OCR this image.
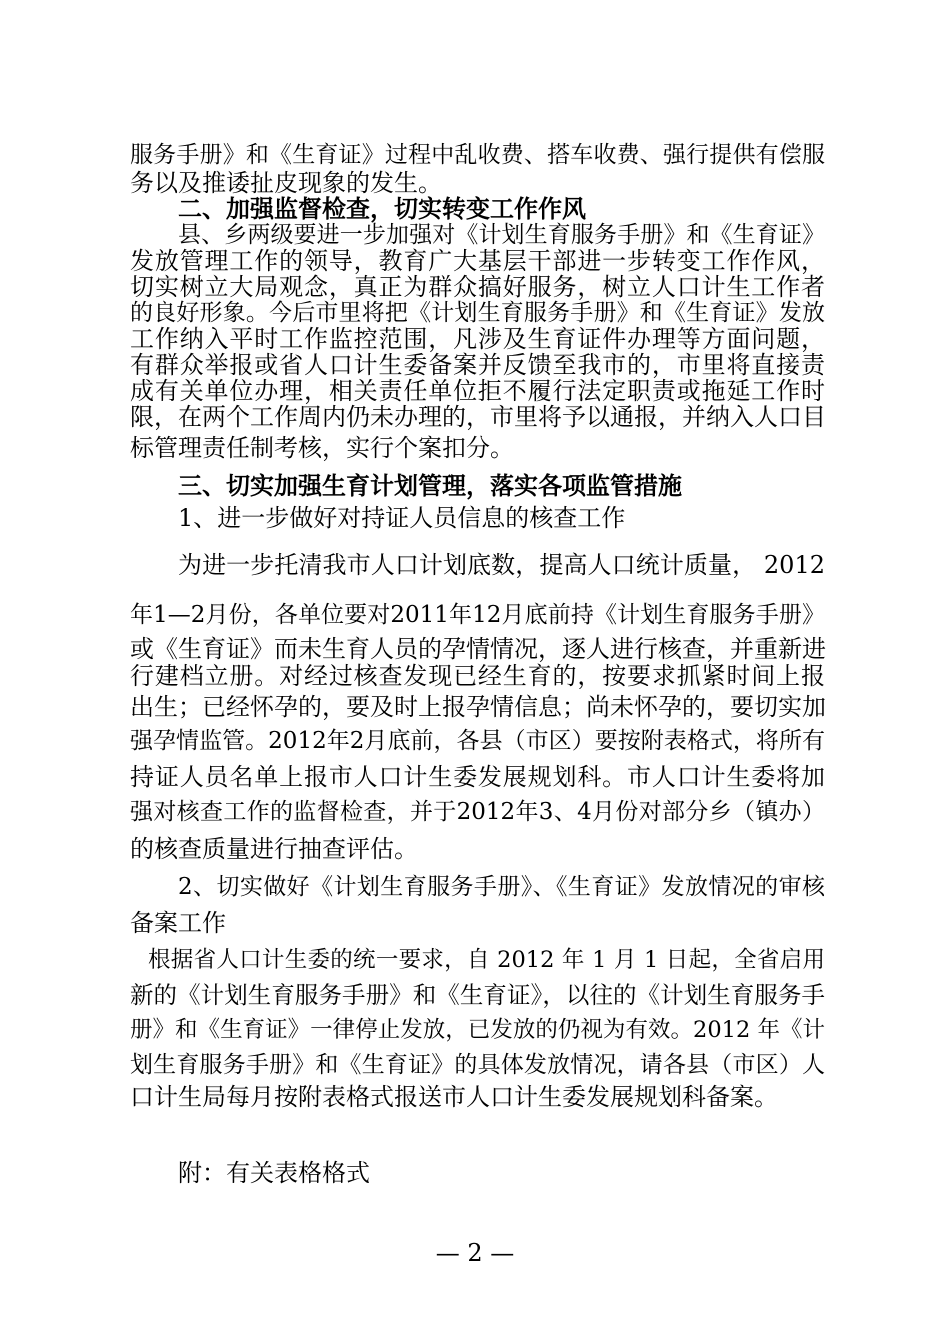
服务手册》和《生育证》过程中乱收费、搭车收费、强行提供有偿服
务以及推诿扯皮现象的发生。
二、加强监督检查，切实转变工作作风
县、乡两级要进一步加强对《计划生育服务手册》和《生育证》
发放管理工作的领导，教育广大基层干部进一步转变工作作风，
切实树立大局观念，真正为群众搞好服务，树立人口计生工作者
的良好形象。今后市里将把《计划生育服务手册》和《生育证》发放
工作纳入平时工作监控范围，凡涉及生育证件办理等方面问题，
有群众举报或省人口计生委备案并反馈至我市的，市里将直接责
成有关单位办理，相关责任单位拒不履行法定职责或拖延工作时
限，在两个工作周内仍未办理的，市里将予以通报，并纳入人口目
标管理责任制考核，实行个案扣分。
三、切实加强生育计划管理，落实各项监管措施
1、进一步做好对持证人员信息的核查工作
为进一步托清我市人口计划底数，提高人口统计质量， 2012
年1—2月份，各单位要对2011年12月底前持《计划生育服务手册》
或《生育证》而未生育人员的孕情情况，逐人进行核查，并重新进
行建档立册。对经过核查发现已经生育的，按要求抓紧时间上报
出生；已经怀孕的，要及时上报孕情信息；尚未怀孕的，要切实加
强孕情监管。2012年2月底前，各县（市区）要按附表格式，将所有
持证人员名单上报市人口计生委发展规划科。市人口计生委将加
强对核查工作的监督检查，并于2012年3、4月份对部分乡（镇办）
的核查质量进行抽查评估。
2、切实做好《计划生育服务手册》、《生育证》发放情况的审核
备案工作
根据省人口计生委的统一要求，自 2012 年 1 月 1 日起，全省启用
新的《计划生育服务手册》和《生育证》，以往的《计划生育服务手
册》和《生育证》一律停止发放，已发放的仍视为有效。2012 年《计
划生育服务手册》和《生育证》的具体发放情况，请各县（市区）人
口计生局每月按附表格式报送市人口计生委发展规划科备案。
附：有关表格格式
— 2 —
